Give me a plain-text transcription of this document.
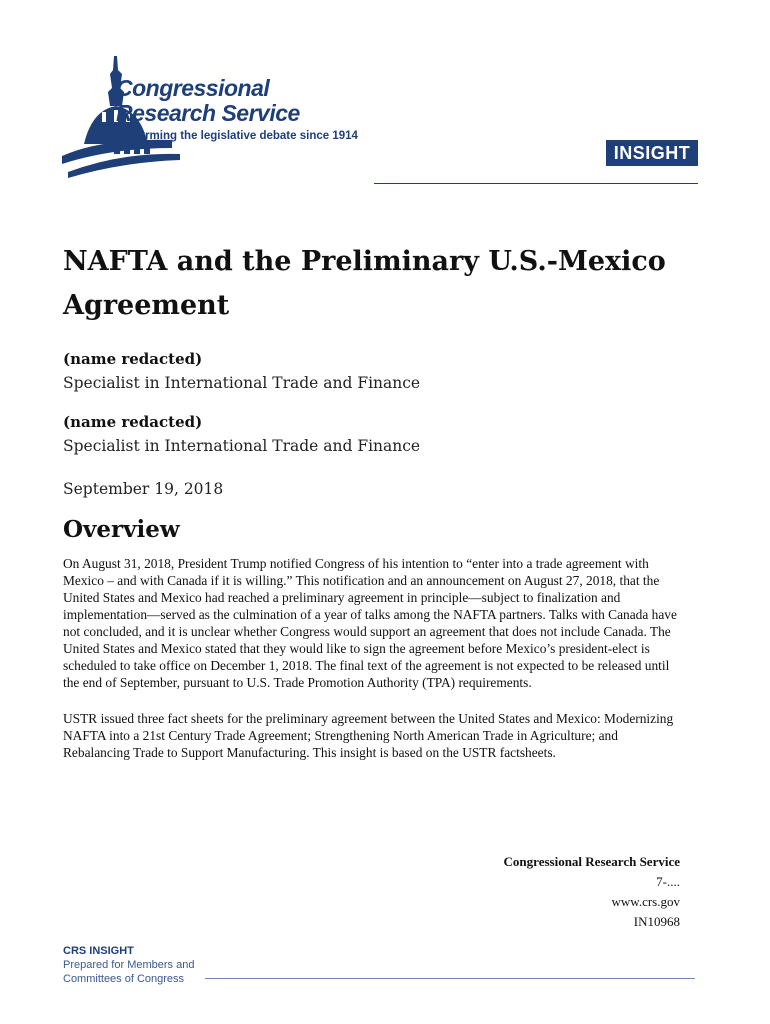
Congressional
Research Service
Informing the legislative debate since 1914
INSIGHT
NAFTA and the Preliminary U.S.-Mexico Agreement

(name redacted)

Specialist in International Trade and Finance

(name redacted)

Specialist in International Trade and Finance

September 19, 2018

Overview

On August 31, 2018, President Trump notified Congress of his intention to “enter into a trade agreement with Mexico – and with Canada if it is willing.” This notification and an announcement on August 27, 2018, that the United States and Mexico had reached a preliminary agreement in principle—subject to finalization and implementation—served as the culmination of a year of talks among the NAFTA partners. Talks with Canada have not concluded, and it is unclear whether Congress would support an agreement that does not include Canada. The United States and Mexico stated that they would like to sign the agreement before Mexico’s president-elect is scheduled to take office on December 1, 2018. The final text of the agreement is not expected to be released until the end of September, pursuant to U.S. Trade Promotion Authority (TPA) requirements.

USTR issued three fact sheets for the preliminary agreement between the United States and Mexico: Modernizing NAFTA into a 21st Century Trade Agreement; Strengthening North American Trade in Agriculture; and Rebalancing Trade to Support Manufacturing. This insight is based on the USTR factsheets.

Congressional Research Service
7-....
www.crs.gov
IN10968
CRS INSIGHT
Prepared for Members and
Committees of Congress
